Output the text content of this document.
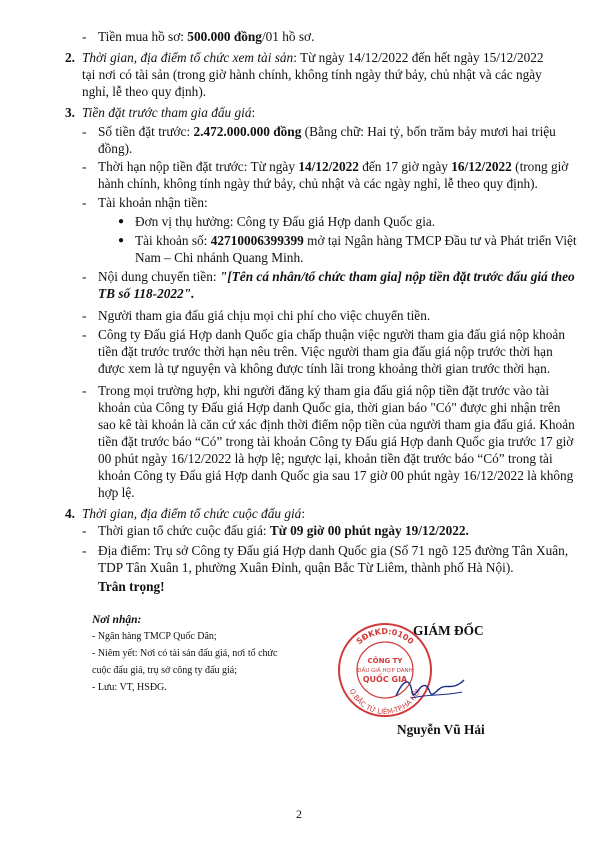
- Tiền mua hồ sơ: 500.000 đồng/01 hồ sơ.
2. Thời gian, địa điểm tổ chức xem tài sản: Từ ngày 14/12/2022 đến hết ngày 15/12/2022
tại nơi có tài sản (trong giờ hành chính, không tính ngày thứ bảy, chủ nhật và các ngày
nghỉ, lễ theo quy định).
3. Tiền đặt trước tham gia đấu giá:
- Số tiền đặt trước: 2.472.000.000 đồng (Bằng chữ: Hai tỷ, bốn trăm bảy mươi hai triệu
đồng).
- Thời hạn nộp tiền đặt trước: Từ ngày 14/12/2022 đến 17 giờ ngày 16/12/2022 (trong giờ
hành chính, không tính ngày thứ bảy, chủ nhật và các ngày nghỉ, lễ theo quy định).
- Tài khoản nhận tiền:
● Đơn vị thụ hưởng: Công ty Đấu giá Hợp danh Quốc gia.
● Tài khoản số: 42710006399399 mở tại Ngân hàng TMCP Đầu tư và Phát triển Việt
Nam – Chi nhánh Quang Minh.
- Nội dung chuyển tiền: "[Tên cá nhân/tổ chức tham gia] nộp tiền đặt trước đấu giá theo
TB số 118-2022".
- Người tham gia đấu giá chịu mọi chi phí cho việc chuyển tiền.
- Công ty Đấu giá Hợp danh Quốc gia chấp thuận việc người tham gia đấu giá nộp khoản
tiền đặt trước trước thời hạn nêu trên. Việc người tham gia đấu giá nộp trước thời hạn
được xem là tự nguyện và không được tính lãi trong khoảng thời gian trước thời hạn.
- Trong mọi trường hợp, khi người đăng ký tham gia đấu giá nộp tiền đặt trước vào tài
khoản của Công ty Đấu giá Hợp danh Quốc gia, thời gian báo "Có" được ghi nhận trên
sao kê tài khoản là căn cứ xác định thời điểm nộp tiền của người tham gia đấu giá. Khoản
tiền đặt trước báo “Có” trong tài khoản Công ty Đấu giá Hợp danh Quốc gia trước 17 giờ
00 phút ngày 16/12/2022 là hợp lệ; ngược lại, khoản tiền đặt trước báo “Có” trong tài
khoản Công ty Đấu giá Hợp danh Quốc gia sau 17 giờ 00 phút ngày 16/12/2022 là không
hợp lệ.
4. Thời gian, địa điểm tổ chức cuộc đấu giá:
- Thời gian tổ chức cuộc đấu giá: Từ 09 giờ 00 phút ngày 19/12/2022.
- Địa điểm: Trụ sở Công ty Đấu giá Hợp danh Quốc gia (Số 71 ngõ 125 đường Tân Xuân,
TDP Tân Xuân 1, phường Xuân Đỉnh, quận Bắc Từ Liêm, thành phố Hà Nội).
Trân trọng!
Nơi nhận:
- Ngân hàng TMCP Quốc Dân;
- Niêm yết: Nơi có tài sản đấu giá, nơi tổ chức
cuộc đấu giá, trụ sở công ty đấu giá;
- Lưu: VT, HSĐG.
SĐKKD:0100
Q.BẮC TỪ LIÊM-TP.HÀ NỘI
CÔNG TY
ĐẤU GIÁ HỢP DANH
QUỐC GIA
GIÁM ĐỐC
Nguyễn Vũ Hải
2
